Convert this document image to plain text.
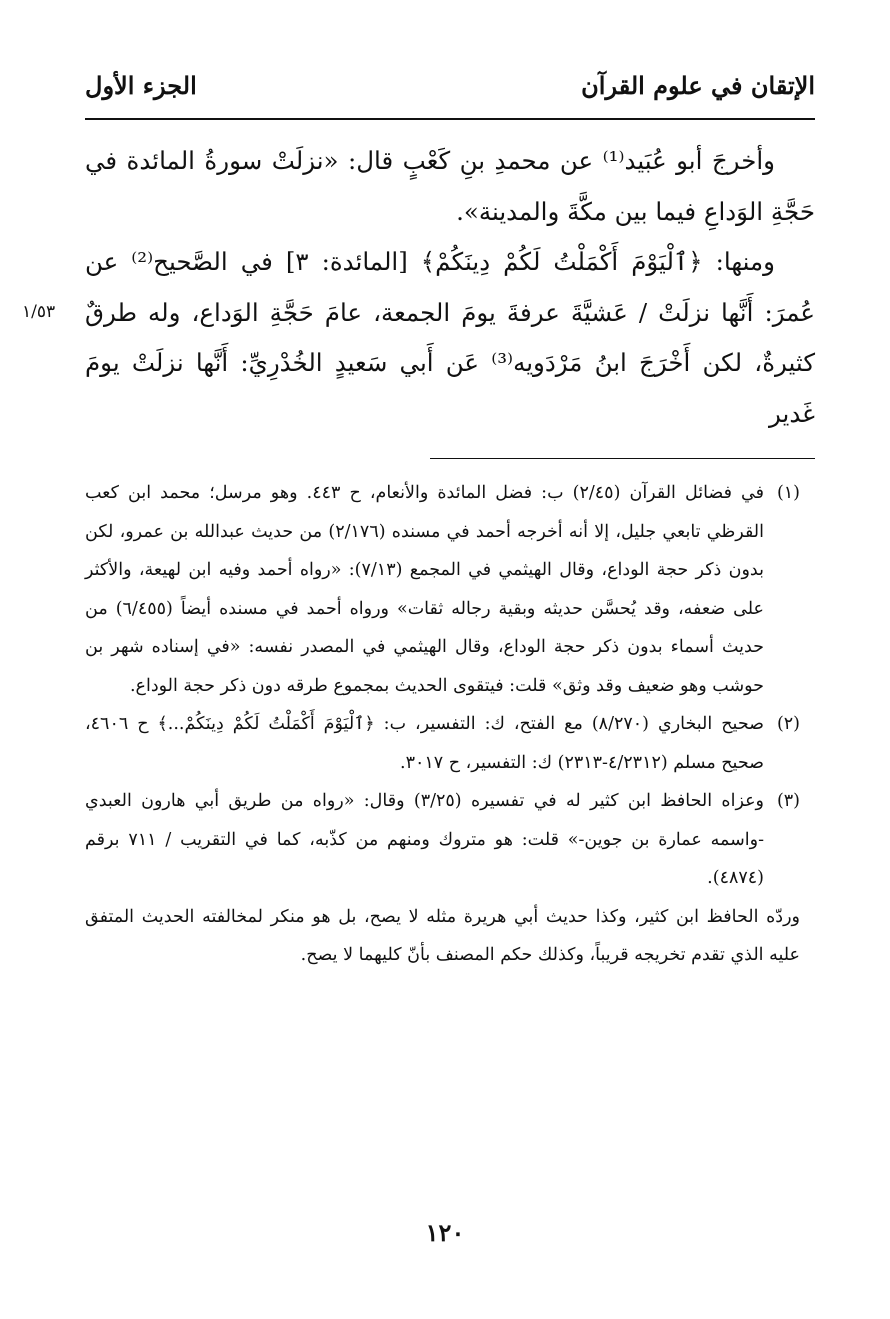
الإتقان في علوم القرآن
الجزء الأول

وأخرجَ أبو عُبَيد⁽¹⁾ عن محمدِ بنِ كَعْبٍ قال: «نزلَتْ سورةُ المائدة في حَجَّةِ الوَداعِ فيما بين مكَّةَ والمدينة».

ومنها: ﴿ٱلْيَوْمَ أَكْمَلْتُ لَكُمْ دِينَكُمْ﴾ [المائدة: ٣] في الصَّحيح⁽²⁾ عن عُمرَ: أَنَّها نزلَتْ / عَشيَّةَ عرفةَ يومَ الجمعة، عامَ حَجَّةِ الوَداع، وله طرقٌ كثيرةٌ، لكن أَخْرَجَ ابنُ مَرْدَويه⁽³⁾ عَن أَبي سَعيدٍ الخُدْرِيِّ: أَنَّها نزلَتْ يومَ غَدير

١/٥٣

(١)
في فضائل القرآن (٢/٤٥) ب: فضل المائدة والأنعام، ح ٤٤٣. وهو مرسل؛ محمد ابن كعب القرظي تابعي جليل، إلا أنه أخرجه أحمد في مسنده (٢/١٧٦) من حديث عبدالله بن عمرو، لكن بدون ذكر حجة الوداع، وقال الهيثمي في المجمع (٧/١٣): «رواه أحمد وفيه ابن لهيعة، والأكثر على ضعفه، وقد يُحسَّن حديثه وبقية رجاله ثقات» ورواه أحمد في مسنده أيضاً (٦/٤٥٥) من حديث أسماء بدون ذكر حجة الوداع، وقال الهيثمي في المصدر نفسه: «في إسناده شهر بن حوشب وهو ضعيف وقد وثق» قلت: فيتقوى الحديث بمجموع طرقه دون ذكر حجة الوداع.

(٢)
صحيح البخاري (٨/٢٧٠) مع الفتح، ك: التفسير، ب: ﴿ٱلْيَوْمَ أَكْمَلْتُ لَكُمْ دِينَكُمْ...﴾ ح ٤٦٠٦، صحيح مسلم (٤/٢٣١٢-٢٣١٣) ك: التفسير، ح ٣٠١٧.

(٣)
وعزاه الحافظ ابن كثير له في تفسيره (٣/٢٥) وقال: «رواه من طريق أبي هارون العبدي -واسمه عمارة بن جوين-» قلت: هو متروك ومنهم من كذّبه، كما في التقريب / ٧١١ برقم (٤٨٧٤).

وردّه الحافظ ابن كثير، وكذا حديث أبي هريرة مثله لا يصح، بل هو منكر لمخالفته الحديث المتفق عليه الذي تقدم تخريجه قريباً، وكذلك حكم المصنف بأنّ كليهما لا يصح.

١٢٠
